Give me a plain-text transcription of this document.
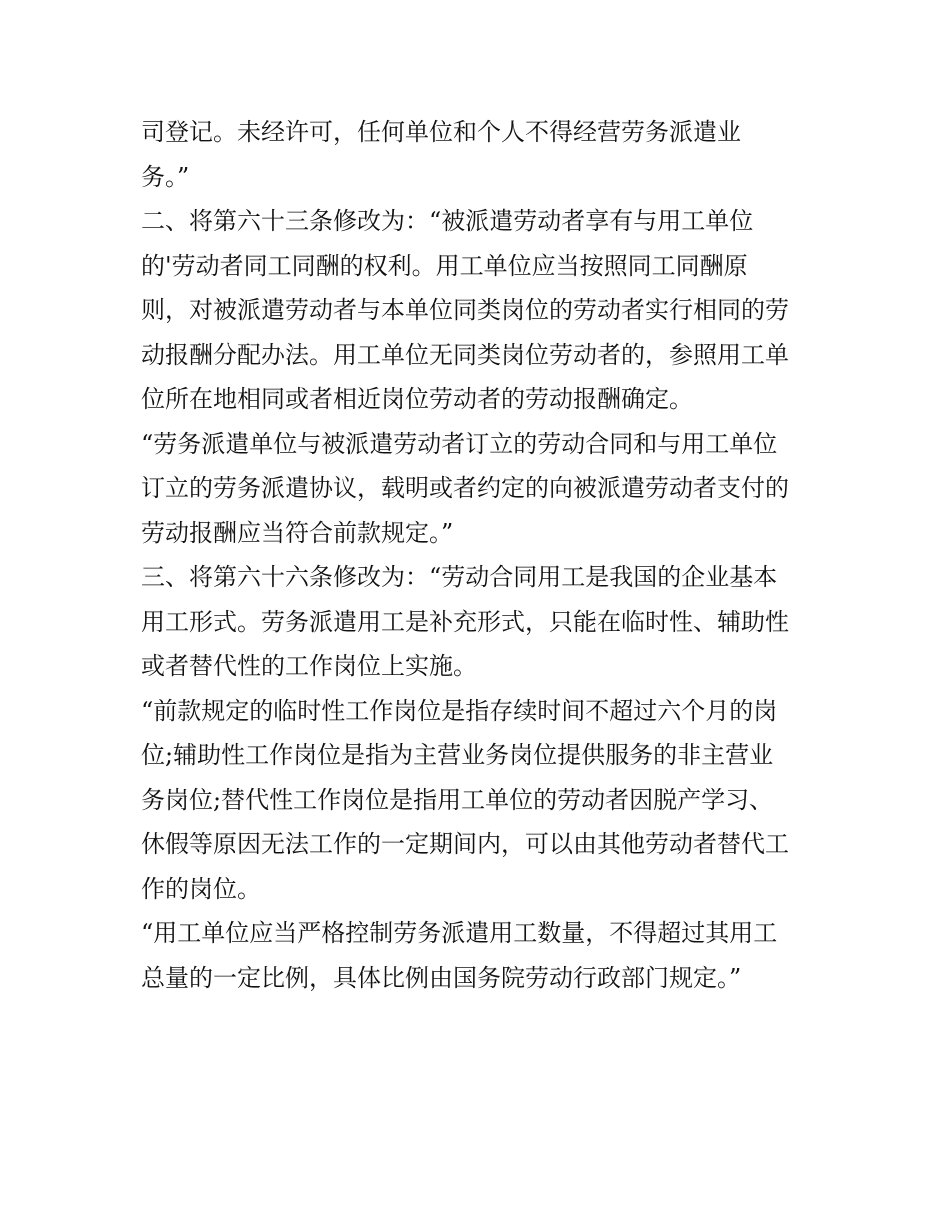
司登记。未经许可，任何单位和个人不得经营劳务派遣业
务。”
二、将第六十三条修改为：“被派遣劳动者享有与用工单位
的'劳动者同工同酬的权利。用工单位应当按照同工同酬原
则，对被派遣劳动者与本单位同类岗位的劳动者实行相同的劳
动报酬分配办法。用工单位无同类岗位劳动者的，参照用工单
位所在地相同或者相近岗位劳动者的劳动报酬确定。
“劳务派遣单位与被派遣劳动者订立的劳动合同和与用工单位
订立的劳务派遣协议，载明或者约定的向被派遣劳动者支付的
劳动报酬应当符合前款规定。”
三、将第六十六条修改为：“劳动合同用工是我国的企业基本
用工形式。劳务派遣用工是补充形式，只能在临时性、辅助性
或者替代性的工作岗位上实施。
“前款规定的临时性工作岗位是指存续时间不超过六个月的岗
位;辅助性工作岗位是指为主营业务岗位提供服务的非主营业
务岗位;替代性工作岗位是指用工单位的劳动者因脱产学习、
休假等原因无法工作的一定期间内，可以由其他劳动者替代工
作的岗位。
“用工单位应当严格控制劳务派遣用工数量，不得超过其用工
总量的一定比例，具体比例由国务院劳动行政部门规定。”
